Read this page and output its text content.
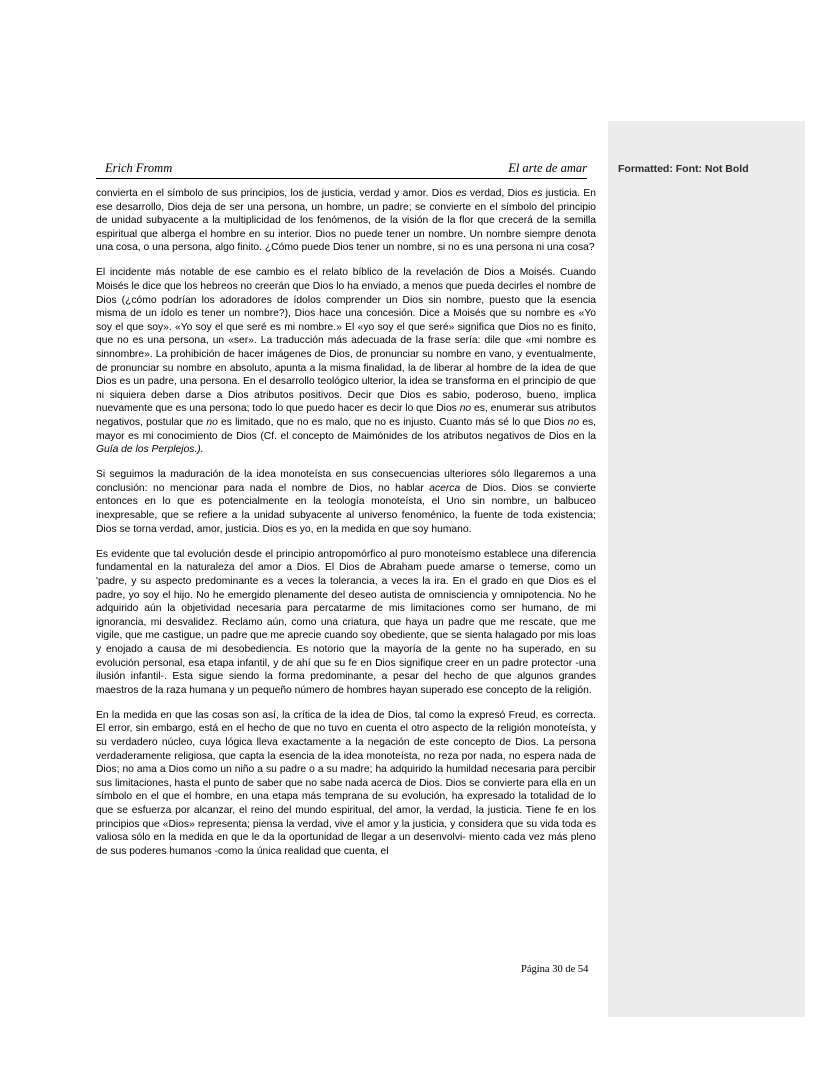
Formatted: Font: Not Bold
Erich Fromm	El arte de amar

convierta en el símbolo de sus principios, los de justicia, verdad y amor. Dios es verdad, Dios es justicia. En ese desarrollo, Dios deja de ser una persona, un hombre, un padre; se convierte en el símbolo del principio de unidad subyacente a la multiplicidad de los fenómenos, de la visión de la flor que crecerá de la semilla espiritual que alberga el hombre en su interior. Dios no puede tener un nombre. Un nombre siempre denota una cosa, o una persona, algo finito. ¿Cómo puede Dios tener un nombre, si no es una persona ni una cosa?

El incidente más notable de ese cambio es el relato bíblico de la revelación de Dios a Moisés. Cuando Moisés le dice que los hebreos no creerán que Dios lo ha enviado, a menos que pueda decirles el nombre de Dios (¿cómo podrían los adoradores de ídolos comprender un Dios sin nombre, puesto que la esencia misma de un ídolo es tener un nombre?), Dios hace una concesión. Dice a Moisés que su nombre es «Yo soy el que soy». «Yo soy el que seré es mi nombre.» El «yo soy el que seré» significa que Dios no es finito, que no es una persona, un «ser». La traducción más adecuada de la frase sería: dile que «mi nombre es sinnombre». La prohibición de hacer imágenes de Dios, de pronunciar su nombre en vano, y eventualmente, de pronunciar su nombre en absoluto, apunta a la misma finalidad, la de liberar al hombre de la idea de que Dios es un padre, una persona. En el desarrollo teológico ulterior, la idea se transforma en el principio de que ni siquiera deben darse a Dios atributos positivos. Decir que Dios es sabio, poderoso, bueno, implica nuevamente que es una persona; todo lo que puedo hacer es decir lo que Dios no es, enumerar sus atributos negativos, postular que no es limitado, que no es malo, que no es injusto. Cuanto más sé lo que Dios no es, mayor es mi conocimiento de Dios (Cf. el concepto de Maimónides de los atributos negativos de Dios en la Guía de los Perplejos.).

Si seguimos la maduración de la idea monoteísta en sus consecuencias ulteriores sólo llegaremos a una conclusión: no mencionar para nada el nombre de Dios, no hablar acerca de Dios. Dios se convierte entonces en lo que es potencialmente en la teología monoteísta, el Uno sin nombre, un balbuceo inexpresable, que se refiere a la unidad subyacente al universo fenoménico, la fuente de toda existencia; Dios se torna verdad, amor, justicia. Dios es yo, en la medida en que soy humano.

Es evidente que tal evolución desde el principio antropomórfico al puro monoteísmo establece una diferencia fundamental en la naturaleza del amor a Dios. El Dios de Abraham puede amarse o temerse, como un 'padre, y su aspecto predominante es a veces la tolerancia, a veces la ira. En el grado en que Dios es el padre, yo soy el hijo. No he emergido plenamente del deseo autista de omnisciencia y omnipotencia. No he adquirido aún la objetividad necesaria para percatarme de mis limitaciones como ser humano, de mi ignorancia, mi desvalidez. Reclamo aún, como una criatura, que haya un padre que me rescate, que me vigile, que me castigue, un padre que me aprecie cuando soy obediente, que se sienta halagado por mis loas y enojado a causa de mi desobediencia. Es notorio que la mayoría de la gente no ha superado, en su evolución personal, esa etapa infantil, y de ahí que su fe en Dios signifique creer en un padre protector -una ilusión infantil-. Esta sigue siendo la forma predominante, a pesar del hecho de que algunos grandes maestros de la raza humana y un pequeño número de hombres hayan superado ese concepto de la religión.

En la medida en que las cosas son así, la crítica de la idea de Dios, tal como la expresó Freud, es correcta. El error, sin embargo, está en el hecho de que no tuvo en cuenta el otro aspecto de la religión monoteísta, y su verdadero núcleo, cuya lógica lleva exactamente a la negación de este concepto de Dios. La persona verdaderamente religiosa, que capta la esencia de la idea monoteísta, no reza por nada, no espera nada de Dios; no ama a Dios como un niño a su padre o a su madre; ha adquirido la humildad necesaria para percibir sus limitaciones, hasta el punto de saber que no sabe nada acerca de Dios. Dios se convierte para ella en un símbolo en el que el hombre, en una etapa más temprana de su evolución, ha expresado la totalidad de lo que se esfuerza por alcanzar, el reino del mundo espiritual, del amor, la verdad, la justicia. Tiene fe en los principios que «Dios» representa; piensa la verdad, vive el amor y la justicia, y considera que su vida toda es valiosa sólo en la medida en que le da la oportunidad de llegar a un desenvolvi- miento cada vez más pleno de sus poderes humanos -como la única realidad que cuenta, el

Página 30 de 54
